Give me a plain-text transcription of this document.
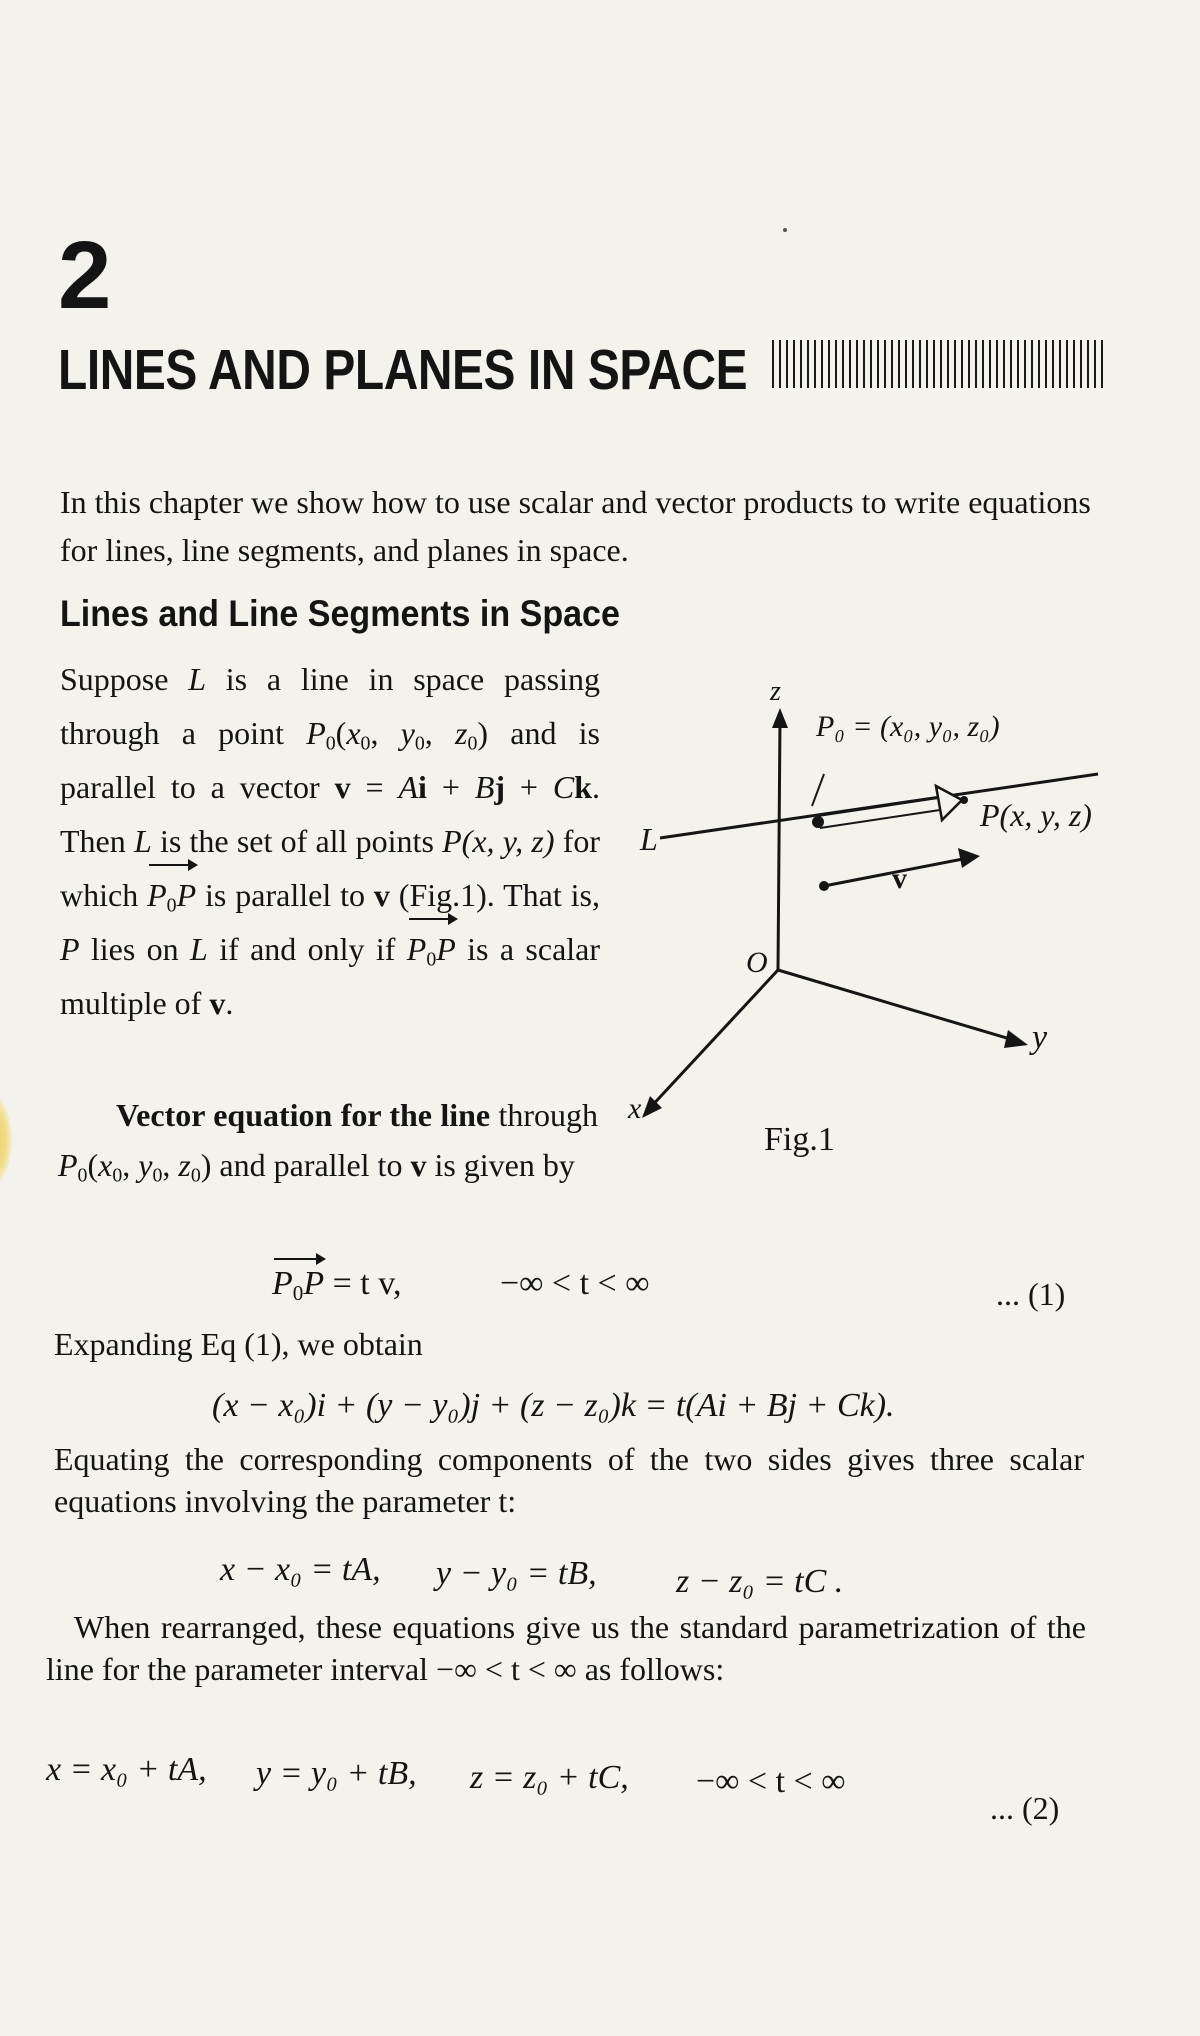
2
LINES AND PLANES IN SPACE
In this chapter we show how to use scalar and vector products to write equations for lines, line segments, and planes in space.
Lines and Line Segments in Space
Suppose L is a line in space passing through a point $P_0(x_0$, $y_0$, $z_0$) and is parallel to a vector v = Ai + Bj + Ck. Then L is the set of all points P(x, y, z) for which $P_0P$ is parallel to v (Fig.1). That is, P lies on L if and only if $P_0P$ is a scalar multiple of v.
Vector equation for the line through $P_0(x_0$, $y_0$, $z_0$) and parallel to v is given by
z
y
x
O
L
v
P₀ = (x₀, y₀, z₀)
P(x, y, z)
Fig.1
$P_0P = t$ v,	−∞ < t < ∞	... (1)
Expanding Eq (1), we obtain
(x − x₀)i + (y − y₀)j + (z − z₀)k = t(Ai + Bj + Ck).
Equating the corresponding components of the two sides gives three scalar equations involving the parameter t:
x − x₀ = tA, y − y₀ = tB, z − z₀ = tC .
When rearranged, these equations give us the standard parametrization of the line for the parameter interval −∞ < t < ∞ as follows:
x = x₀ + tA, y = y₀ + tB, z = z₀ + tC, −∞ < t < ∞
... (2)
